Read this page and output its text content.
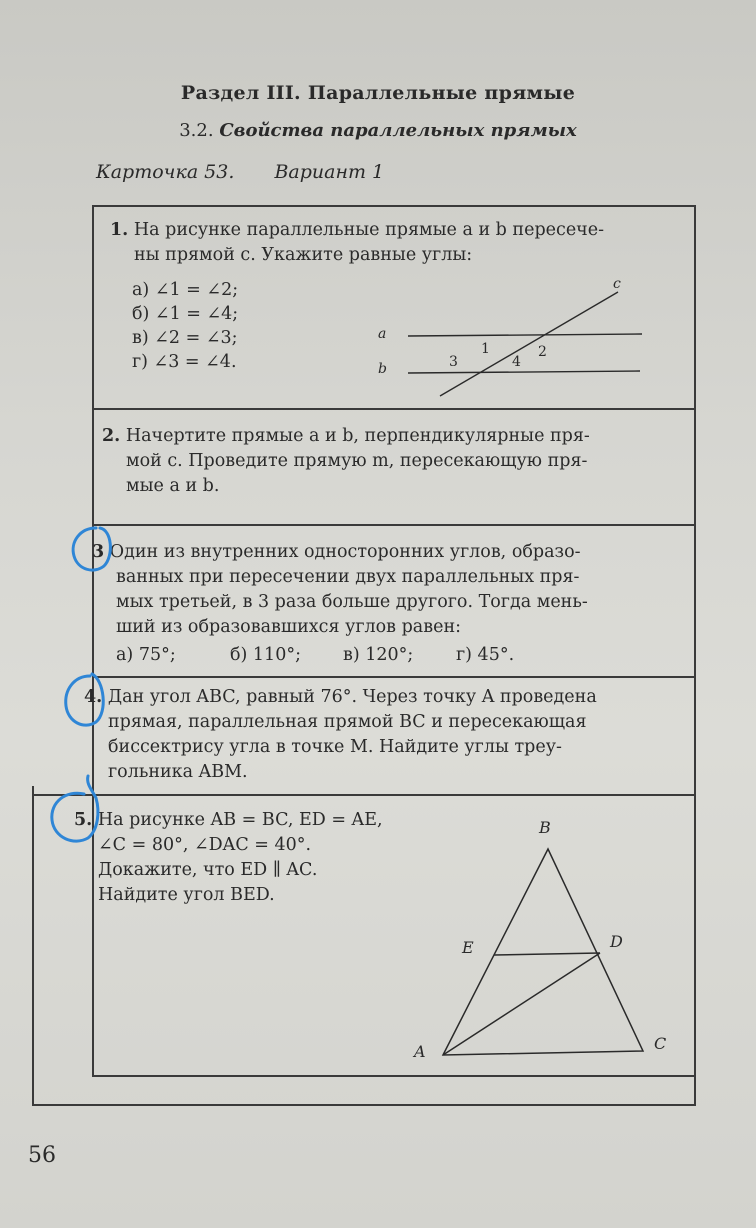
Раздел III. Параллельные прямые
3.2. Свойства параллельных прямых
Карточка 53. Вариант 1
1. На рисунке параллельные прямые a и b пересече-
ны прямой c. Укажите равные углы:
а) ∠1 = ∠2;
б) ∠1 = ∠4;
в) ∠2 = ∠3;
г) ∠3 = ∠4.
a
b
c
1	2
3	4
2. Начертите прямые a и b, перпендикулярные пря-
мой c. Проведите прямую m, пересекающую пря-
мые a и b.
3 Один из внутренних односторонних углов, образо-
ванных при пересечении двух параллельных пря-
мых третьей, в 3 раза больше другого. Тогда мень-
ший из образовавшихся углов равен:
а) 75°;	б) 110°; в) 120°; г) 45°.
4. Дан угол ABC, равный 76°. Через точку A проведена
прямая, параллельная прямой BC и пересекающая
биссектрису угла в точке M. Найдите углы треу-
гольника ABM.
5. На рисунке AB = BC, ED = AE,
∠C = 80°, ∠DAC = 40°.
Докажите, что ED ∥ AC.
Найдите угол BED.
B
E	D
A	C
56
